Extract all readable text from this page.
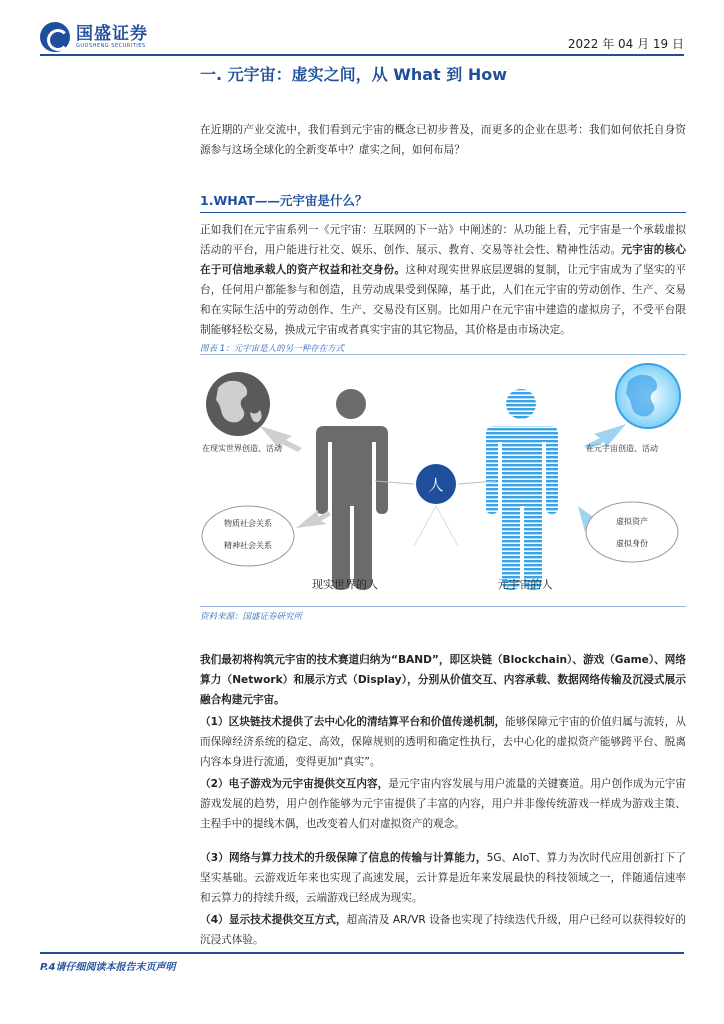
国盛证券
GUOSHENG SECURITIES	2022 年 04 月 19 日
一. 元宇宙：虚实之间，从 What 到 How
在近期的产业交流中，我们看到元宇宙的概念已初步普及，而更多的企业在思考：我们如何依托自身资源参与这场全球化的全新变革中？虚实之间，如何布局？
1.WHAT——元宇宙是什么？
正如我们在元宇宙系列一《元宇宙：互联网的下一站》中阐述的：从功能上看，元宇宙是一个承载虚拟活动的平台，用户能进行社交、娱乐、创作、展示、教育、交易等社会性、精神性活动。元宇宙的核心在于可信地承载人的资产权益和社交身份。这种对现实世界底层逻辑的复制，让元宇宙成为了坚实的平台，任何用户都能参与和创造，且劳动成果受到保障，基于此，人们在元宇宙的劳动创作、生产、交易和在实际生活中的劳动创作、生产、交易没有区别。比如用户在元宇宙中建造的虚拟房子，不受平台限制能够轻松交易，换成元宇宙或者真实宇宙的其它物品，其价格是由市场决定。
图表 1：元宇宙是人的另一种存在方式
人
在现实世界创造、活动	在元宇宙创造、活动
物质社会关系
精神社会关系
虚拟资产
虚拟身份
现实世界的人	元宇宙的人
资料来源：国盛证券研究所
我们最初将构筑元宇宙的技术赛道归纳为“BAND”，即区块链（Blockchain）、游戏（Game）、网络算力（Network）和展示方式（Display），分别从价值交互、内容承载、数据网络传输及沉浸式展示融合构建元宇宙。
（1）区块链技术提供了去中心化的清结算平台和价值传递机制，能够保障元宇宙的价值归属与流转，从而保障经济系统的稳定、高效，保障规则的透明和确定性执行，去中心化的虚拟资产能够跨平台、脱离内容本身进行流通，变得更加“真实”。
（2）电子游戏为元宇宙提供交互内容，是元宇宙内容发展与用户流量的关键赛道。用户创作成为元宇宙游戏发展的趋势，用户创作能够为元宇宙提供了丰富的内容，用户并非像传统游戏一样成为游戏主策、主程手中的提线木偶，也改变着人们对虚拟资产的观念。
（3）网络与算力技术的升级保障了信息的传输与计算能力，5G、AIoT、算力为次时代应用创新打下了坚实基础。云游戏近年来也实现了高速发展，云计算是近年来发展最快的科技领域之一，伴随通信速率和云算力的持续升级，云端游戏已经成为现实。
（4）显示技术提供交互方式，超高清及 AR/VR 设备也实现了持续迭代升级，用户已经可以获得较好的沉浸式体验。
P.4请仔细阅读本报告末页声明
